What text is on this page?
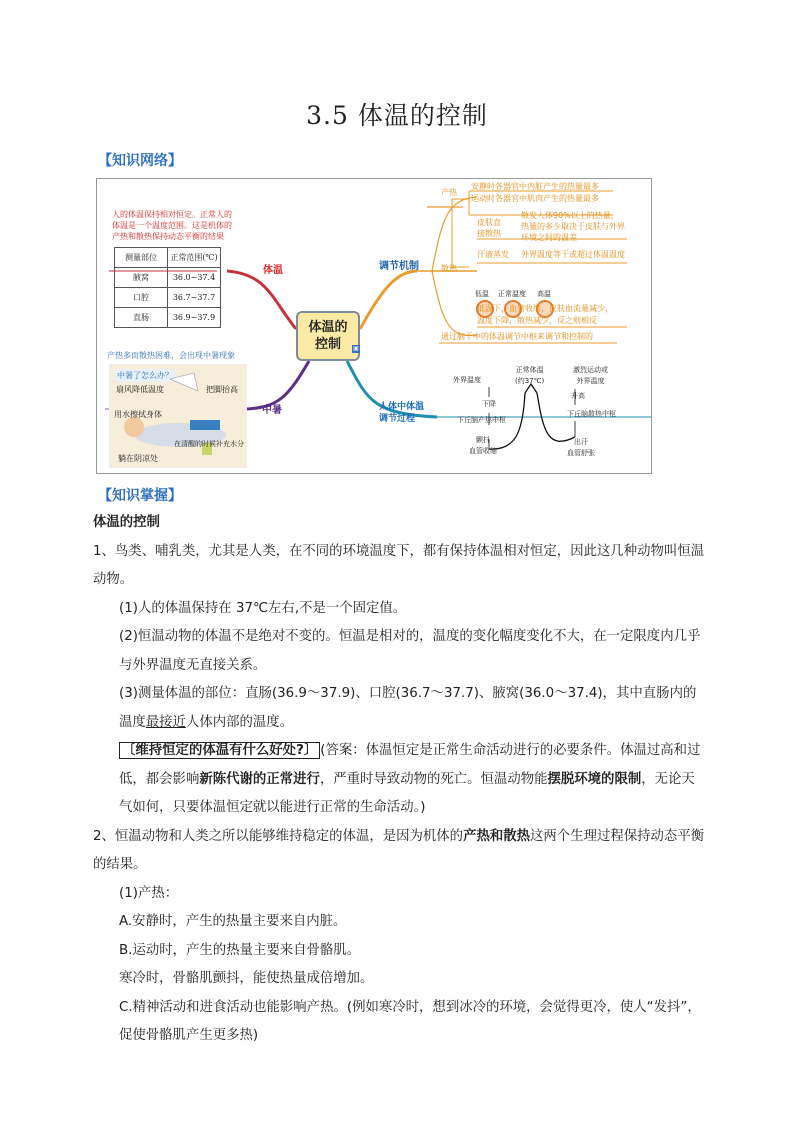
3.5 体温的控制
【知识网络】
人的体温保持相对恒定。正常人的
体温是一个温度范围。这是机体的
产热和散热保持动态平衡的结果
测量部位	正常范围(℃)
腋窝	36.0~37.4
口腔	36.7~37.7
直肠	36.9~37.9
体温
产热多而散热困难，会出现中暑现象
中暑了怎么办？
扇风降低温度	把脚抬高
用水擦拭身体
在清醒的时候补充水分
躺在阴凉处
中暑
体温的
控制	▣
调节机制
产热
安静时各器官中内脏产生的热量最多
运动时各器官中肌肉产生的热量最多
散热
皮肤直
接散热
散发人体90%以上的热量，
热量的多少取决于皮肤与外界
环境之间的温差
汗液蒸发 外界温度等于或超过体温温度
低温 正常温度 高温
低温下，血管收缩，皮肤血流量减少，
温度下降，散热减少，反之则相反
通过脑干中的体温调节中枢来调节和控制的
人体中体温
调节过程
外界温度
下降
下丘脑产热中枢
颤抖
血管收缩
正常体温
(约37℃)
激烈运动或
外界温度
升高
下丘脑散热中枢
出汗
血管舒张
【知识掌握】

体温的控制

1、鸟类、哺乳类，尤其是人类，在不同的环境温度下，都有保持体温相对恒定，因此这几种动物叫恒温动物。

(1)人的体温保持在 37℃左右,不是一个固定值。

(2)恒温动物的体温不是绝对不变的。恒温是相对的，温度的变化幅度变化不大，在一定限度内几乎与外界温度无直接关系。

(3)测量体温的部位：直肠(36.9～37.9)、口腔(36.7～37.7)、腋窝(36.0～37.4)，其中直肠内的温度最接近人体内部的温度。

〔维持恒定的体温有什么好处?〕 (答案：体温恒定是正常生命活动进行的必要条件。体温过高和过低，都会影响新陈代谢的正常进行，严重时导致动物的死亡。恒温动物能摆脱环境的限制，无论天气如何，只要体温恒定就以能进行正常的生命活动。)

2、恒温动物和人类之所以能够维持稳定的体温，是因为机体的产热和散热这两个生理过程保持动态平衡的结果。

(1)产热：

A.安静时，产生的热量主要来自内脏。

B.运动时，产生的热量主要来自骨骼肌。

寒冷时，骨骼肌颤抖，能使热量成倍增加。

C.精神活动和进食活动也能影响产热。(例如寒冷时，想到冰冷的环境，会觉得更冷，使人“发抖”，促使骨骼肌产生更多热)
